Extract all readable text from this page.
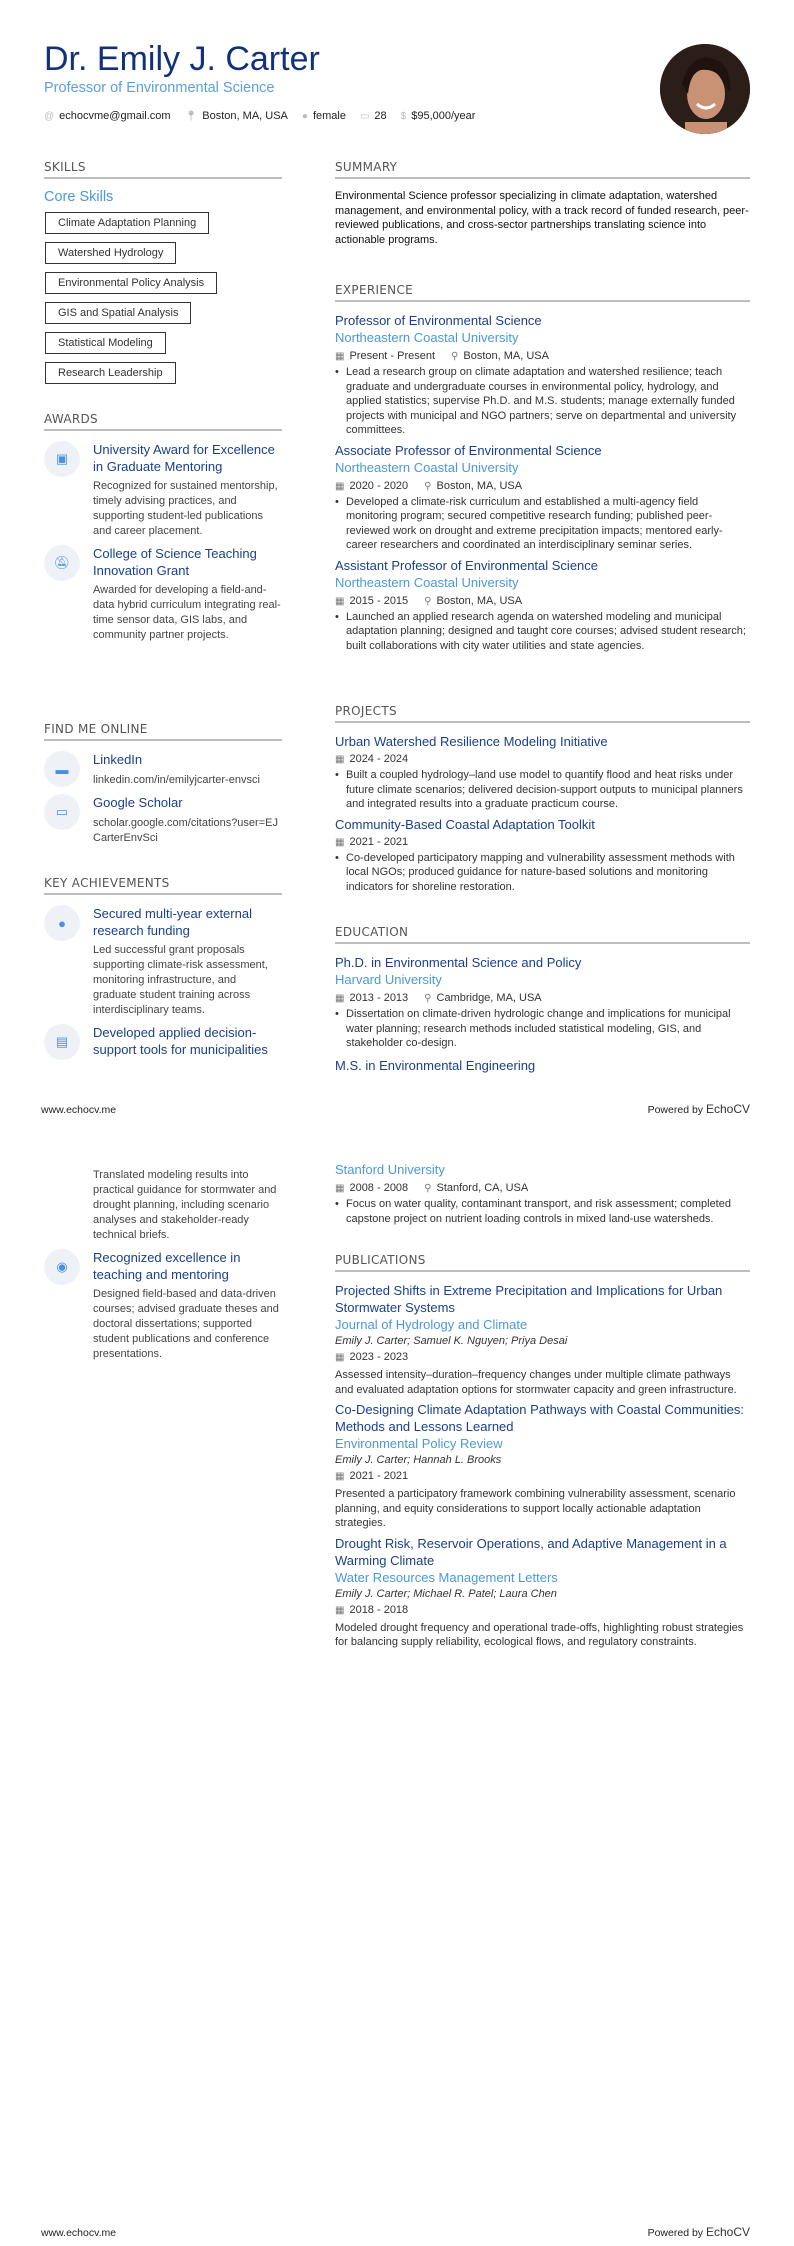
Dr. Emily J. Carter
Professor of Environmental Science
@ echocvme@gmail.com 📍︎ Boston, MA, USA ● female ▭ 28 $ $95,000/year
SKILLS
Core Skills
Climate Adaptation Planning
Watershed Hydrology
Environmental Policy Analysis
GIS and Spatial Analysis
Statistical Modeling
Research Leadership
AWARDS
▣
University Award for Excellence in Graduate Mentoring
Recognized for sustained mentorship, timely advising practices, and supporting student-led publications and career placement.
🔕︎
College of Science Teaching Innovation Grant
Awarded for developing a field-and-data hybrid curriculum integrating real-time sensor data, GIS labs, and community partner projects.
FIND ME ONLINE
▬
LinkedIn
linkedin.com/in/emilyjcarter-envsci
▭
Google Scholar
scholar.google.com/citations?user=EJCarterEnvSci
KEY ACHIEVEMENTS
●
Secured multi-year external research funding
Led successful grant proposals supporting climate-risk assessment, monitoring infrastructure, and graduate student training across interdisciplinary teams.
▤
Developed applied decision-support tools for municipalities
SUMMARY
Environmental Science professor specializing in climate adaptation, watershed management, and environmental policy, with a track record of funded research, peer-reviewed publications, and cross-sector partnerships translating science into actionable programs.
EXPERIENCE
Professor of Environmental Science
Northeastern Coastal University
▦ Present - Present ⚲ Boston, MA, USA
• Lead a research group on climate adaptation and watershed resilience; teach graduate and undergraduate courses in environmental policy, hydrology, and applied statistics; supervise Ph.D. and M.S. students; manage externally funded projects with municipal and NGO partners; serve on departmental and university committees.
Associate Professor of Environmental Science
Northeastern Coastal University
▦ 2020 - 2020 ⚲ Boston, MA, USA
• Developed a climate-risk curriculum and established a multi-agency field monitoring program; secured competitive research funding; published peer-reviewed work on drought and extreme precipitation impacts; mentored early-career researchers and coordinated an interdisciplinary seminar series.
Assistant Professor of Environmental Science
Northeastern Coastal University
▦ 2015 - 2015 ⚲ Boston, MA, USA
• Launched an applied research agenda on watershed modeling and municipal adaptation planning; designed and taught core courses; advised student research; built collaborations with city water utilities and state agencies.
PROJECTS
Urban Watershed Resilience Modeling Initiative
▦ 2024 - 2024
• Built a coupled hydrology–land use model to quantify flood and heat risks under future climate scenarios; delivered decision-support outputs to municipal planners and integrated results into a graduate practicum course.
Community-Based Coastal Adaptation Toolkit
▦ 2021 - 2021
• Co-developed participatory mapping and vulnerability assessment methods with local NGOs; produced guidance for nature-based solutions and monitoring indicators for shoreline restoration.
EDUCATION
Ph.D. in Environmental Science and Policy
Harvard University
▦ 2013 - 2013 ⚲ Cambridge, MA, USA
• Dissertation on climate-driven hydrologic change and implications for municipal water planning; research methods included statistical modeling, GIS, and stakeholder co-design.
M.S. in Environmental Engineering
www.echocv.me	Powered by EchoCV
Translated modeling results into practical guidance for stormwater and drought planning, including scenario analyses and stakeholder-ready technical briefs.
◉
Recognized excellence in teaching and mentoring
Designed field-based and data-driven courses; advised graduate theses and doctoral dissertations; supported student publications and conference presentations.
Stanford University
▦ 2008 - 2008 ⚲ Stanford, CA, USA
• Focus on water quality, contaminant transport, and risk assessment; completed capstone project on nutrient loading controls in mixed land-use watersheds.
PUBLICATIONS
Projected Shifts in Extreme Precipitation and Implications for Urban Stormwater Systems
Journal of Hydrology and Climate
Emily J. Carter; Samuel K. Nguyen; Priya Desai
▦ 2023 - 2023
Assessed intensity–duration–frequency changes under multiple climate pathways and evaluated adaptation options for stormwater capacity and green infrastructure.
Co-Designing Climate Adaptation Pathways with Coastal Communities: Methods and Lessons Learned
Environmental Policy Review
Emily J. Carter; Hannah L. Brooks
▦ 2021 - 2021
Presented a participatory framework combining vulnerability assessment, scenario planning, and equity considerations to support locally actionable adaptation strategies.
Drought Risk, Reservoir Operations, and Adaptive Management in a Warming Climate
Water Resources Management Letters
Emily J. Carter; Michael R. Patel; Laura Chen
▦ 2018 - 2018
Modeled drought frequency and operational trade-offs, highlighting robust strategies for balancing supply reliability, ecological flows, and regulatory constraints.
www.echocv.me	Powered by EchoCV
